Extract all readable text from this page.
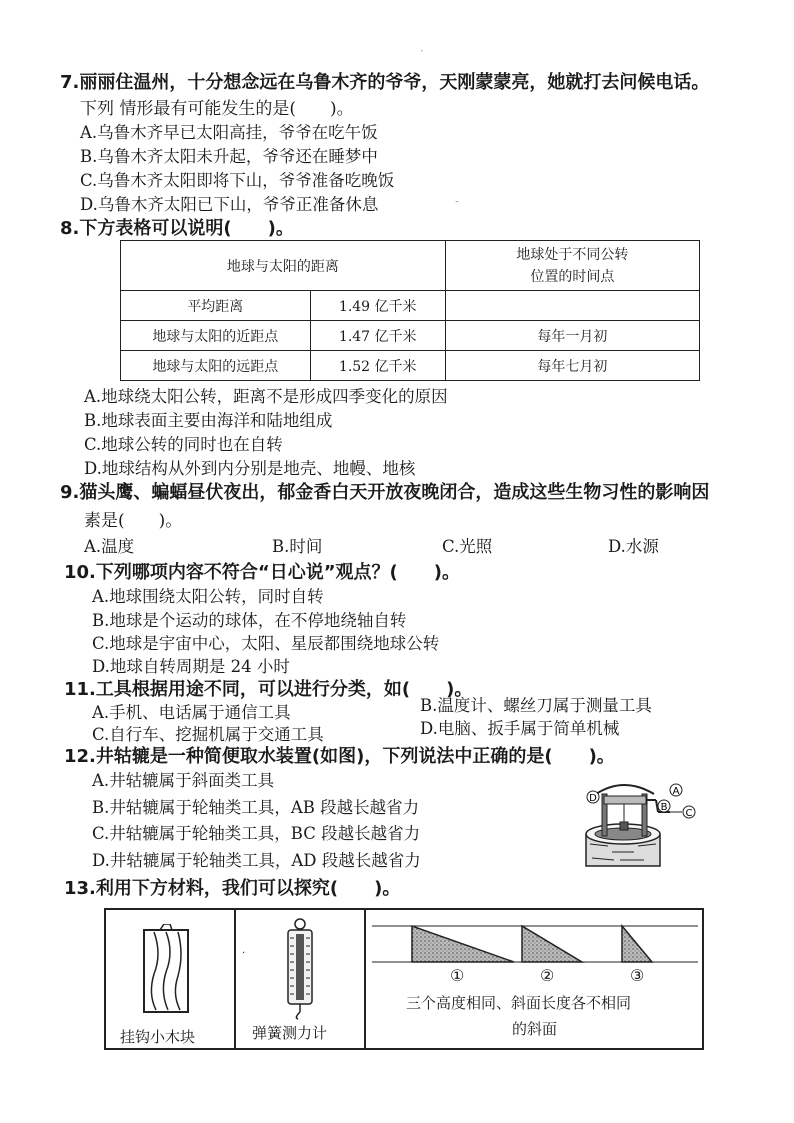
7.丽丽住温州，十分想念远在乌鲁木齐的爷爷，天刚蒙蒙亮，她就打去问候电话。
下列 情形最有可能发生的是(　　)。
A.乌鲁木齐早已太阳高挂，爷爷在吃午饭
B.乌鲁木齐太阳未升起，爷爷还在睡梦中
C.乌鲁木齐太阳即将下山，爷爷准备吃晚饭
D.乌鲁木齐太阳已下山，爷爷正准备休息	-
·
8.下方表格可以说明(　　)。
地球与太阳的距离		地球处于不同公转
位置的时间点
平均距离	1.49 亿千米	
地球与太阳的近距点	1.47 亿千米	每年一月初
地球与太阳的远距点	1.52 亿千米	每年七月初
A.地球绕太阳公转，距离不是形成四季变化的原因
B.地球表面主要由海洋和陆地组成
C.地球公转的同时也在自转
D.地球结构从外到内分别是地壳、地幔、地核
9.猫头鹰、蝙蝠昼伏夜出，郁金香白天开放夜晚闭合，造成这些生物习性的影响因
素是(　　)。
A.温度	B.时间	C.光照	D.水源
10.下列哪项内容不符合“日心说”观点？(　　)。
A.地球围绕太阳公转，同时自转
B.地球是个运动的球体，在不停地绕轴自转
C.地球是宇宙中心，太阳、星辰都围绕地球公转
D.地球自转周期是 24 小时
11.工具根据用途不同，可以进行分类，如(　　)。
A.手机、电话属于通信工具	B.温度计、螺丝刀属于测量工具
C.自行车、挖掘机属于交通工具	D.电脑、扳手属于简单机械
12.井轱辘是一种简便取水装置(如图)，下列说法中正确的是(　　)。
A.井轱辘属于斜面类工具
B.井轱辘属于轮轴类工具，AB 段越长越省力
C.井轱辘属于轮轴类工具，BC 段越长越省力
D.井轱辘属于轮轴类工具，AD 段越长越省力
D
A
B
C
13.利用下方材料，我们可以探究(　　)。
挂钩小木块
·
弹簧测力计
①	②	③
三个高度相同、斜面长度各不相同
的斜面
